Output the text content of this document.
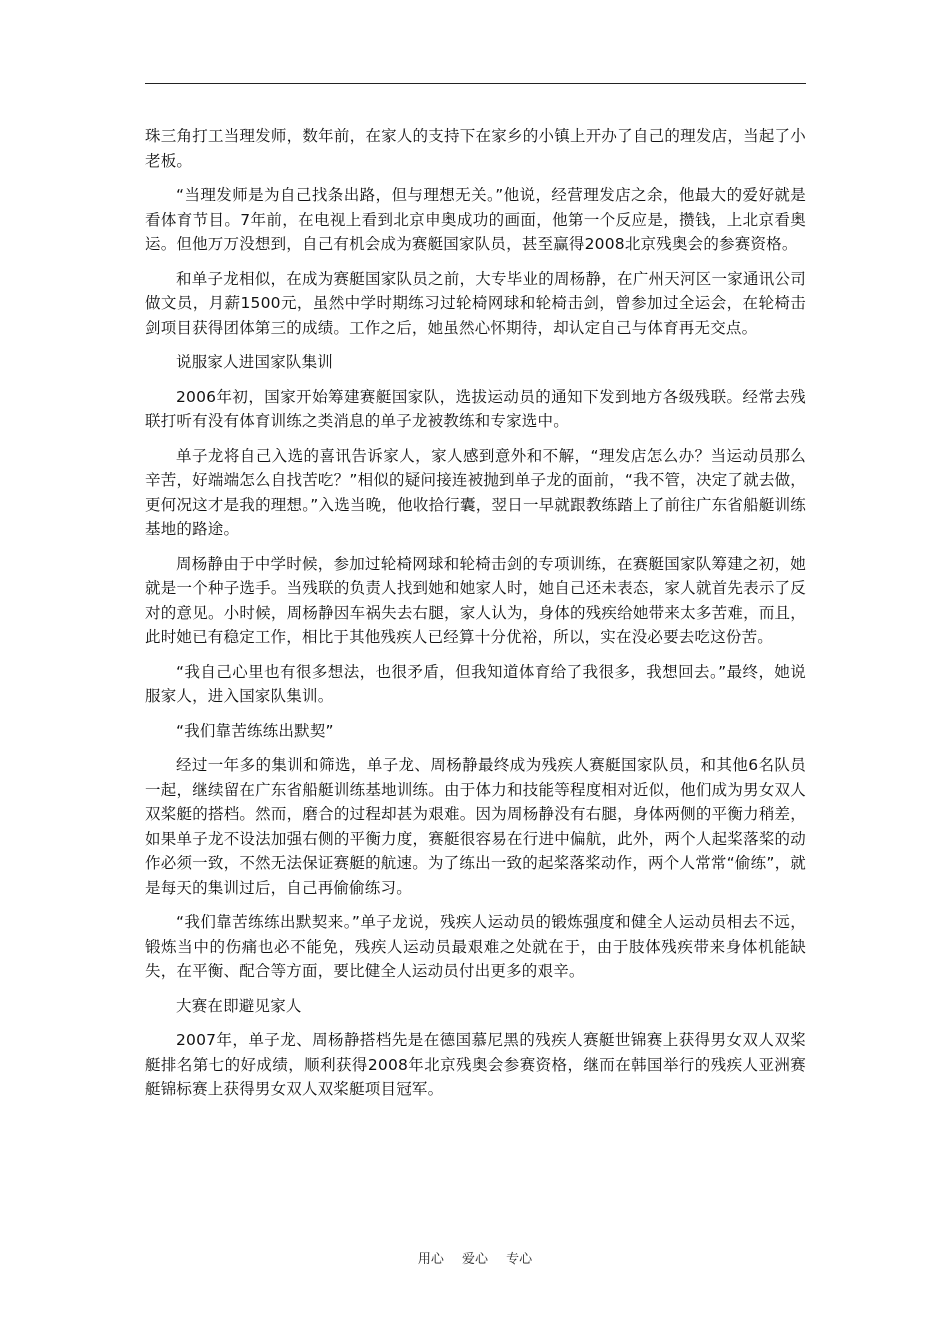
珠三角打工当理发师，数年前，在家人的支持下在家乡的小镇上开办了自己的理发店，当起了小老板。

“当理发师是为自己找条出路，但与理想无关。”他说，经营理发店之余，他最大的爱好就是看体育节目。7年前，在电视上看到北京申奥成功的画面，他第一个反应是，攒钱，上北京看奥运。但他万万没想到，自己有机会成为赛艇国家队员，甚至赢得2008北京残奥会的参赛资格。

和单子龙相似，在成为赛艇国家队员之前，大专毕业的周杨静，在广州天河区一家通讯公司做文员，月薪1500元，虽然中学时期练习过轮椅网球和轮椅击剑，曾参加过全运会，在轮椅击剑项目获得团体第三的成绩。工作之后，她虽然心怀期待，却认定自己与体育再无交点。

说服家人进国家队集训

2006年初，国家开始筹建赛艇国家队，选拔运动员的通知下发到地方各级残联。经常去残联打听有没有体育训练之类消息的单子龙被教练和专家选中。

单子龙将自己入选的喜讯告诉家人，家人感到意外和不解，“理发店怎么办？当运动员那么辛苦，好端端怎么自找苦吃？”相似的疑问接连被抛到单子龙的面前，“我不管，决定了就去做，更何况这才是我的理想。”入选当晚，他收拾行囊，翌日一早就跟教练踏上了前往广东省船艇训练基地的路途。

周杨静由于中学时候，参加过轮椅网球和轮椅击剑的专项训练，在赛艇国家队筹建之初，她就是一个种子选手。当残联的负责人找到她和她家人时，她自己还未表态，家人就首先表示了反对的意见。小时候，周杨静因车祸失去右腿，家人认为，身体的残疾给她带来太多苦难，而且，此时她已有稳定工作，相比于其他残疾人已经算十分优裕，所以，实在没必要去吃这份苦。

“我自己心里也有很多想法，也很矛盾，但我知道体育给了我很多，我想回去。”最终，她说服家人，进入国家队集训。

“我们靠苦练练出默契”

经过一年多的集训和筛选，单子龙、周杨静最终成为残疾人赛艇国家队员，和其他6名队员一起，继续留在广东省船艇训练基地训练。由于体力和技能等程度相对近似，他们成为男女双人双桨艇的搭档。然而，磨合的过程却甚为艰难。因为周杨静没有右腿，身体两侧的平衡力稍差，如果单子龙不设法加强右侧的平衡力度，赛艇很容易在行进中偏航，此外，两个人起桨落桨的动作必须一致，不然无法保证赛艇的航速。为了练出一致的起桨落桨动作，两个人常常“偷练”，就是每天的集训过后，自己再偷偷练习。

“我们靠苦练练出默契来。”单子龙说，残疾人运动员的锻炼强度和健全人运动员相去不远，锻炼当中的伤痛也必不能免，残疾人运动员最艰难之处就在于，由于肢体残疾带来身体机能缺失，在平衡、配合等方面，要比健全人运动员付出更多的艰辛。

大赛在即避见家人

2007年，单子龙、周杨静搭档先是在德国慕尼黑的残疾人赛艇世锦赛上获得男女双人双桨艇排名第七的好成绩，顺利获得2008年北京残奥会参赛资格，继而在韩国举行的残疾人亚洲赛艇锦标赛上获得男女双人双桨艇项目冠军。

用心 爱心 专心
